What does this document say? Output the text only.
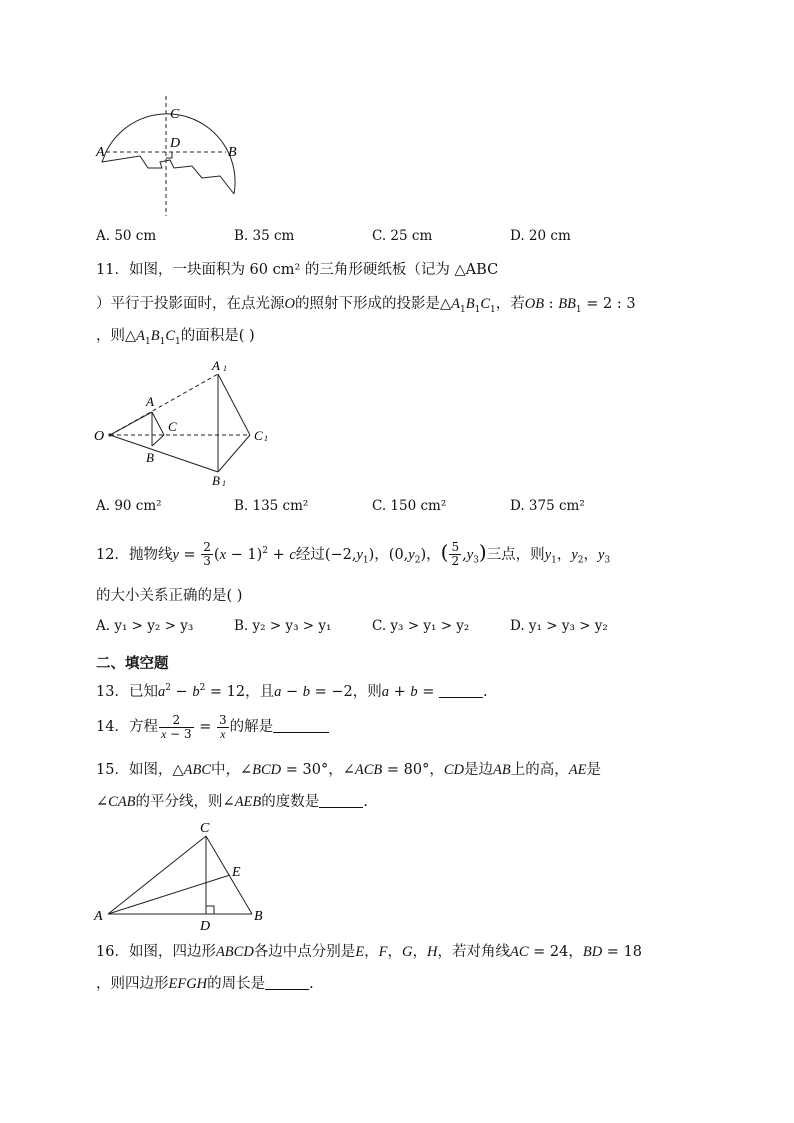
A
C
D
B
A. 50 cm	B. 35 cm	C. 25 cm	D. 20 cm
11．如图，一块面积为 60 cm² 的三角形硬纸板（记为 △ABC
）平行于投影面时，在点光源O的照射下形成的投影是$\triangle A_1B_1C_1$，若OB : $BB_1 = 2$ : 3
，则$\triangle A_1B_1C_1$的面积是( )
O
A
C
B
A 1
C 1
B 1
A. 90 cm²	B. 135 cm²	C. 150 cm²	D. 375 cm²
12．抛物线$y = \frac{2}{3} (x - 1)^2 + c$经过$(-2,y_1)$，$(0,y_2)$，( $\frac{5}{2} ,y_3$)三点，则$y_1$，$y_2$，$y_3$
的大小关系正确的是( )
A. y₁ > y₂ > y₃	B. y₂ > y₃ > y₁	C. y₃ > y₁ > y₂	D. y₁ > y₃ > y₂
二、填空题
13．已知$a^2 - b^2 = 12$，且a − b = −2，则a + b =	.
14．方程 $\frac{2}{x - 3} = \frac{3}{x}$ 的解是
15．如图，△ABC中，∠BCD = 30°，∠ACB = 80°，CD是边AB上的高，AE是
∠CAB的平分线，则∠AEB的度数是	.
A
C
E
D
B
16．如图，四边形ABCD各边中点分别是E，F，G，H，若对角线AC = 24，BD = 18
，则四边形EFGH的周长是	.
